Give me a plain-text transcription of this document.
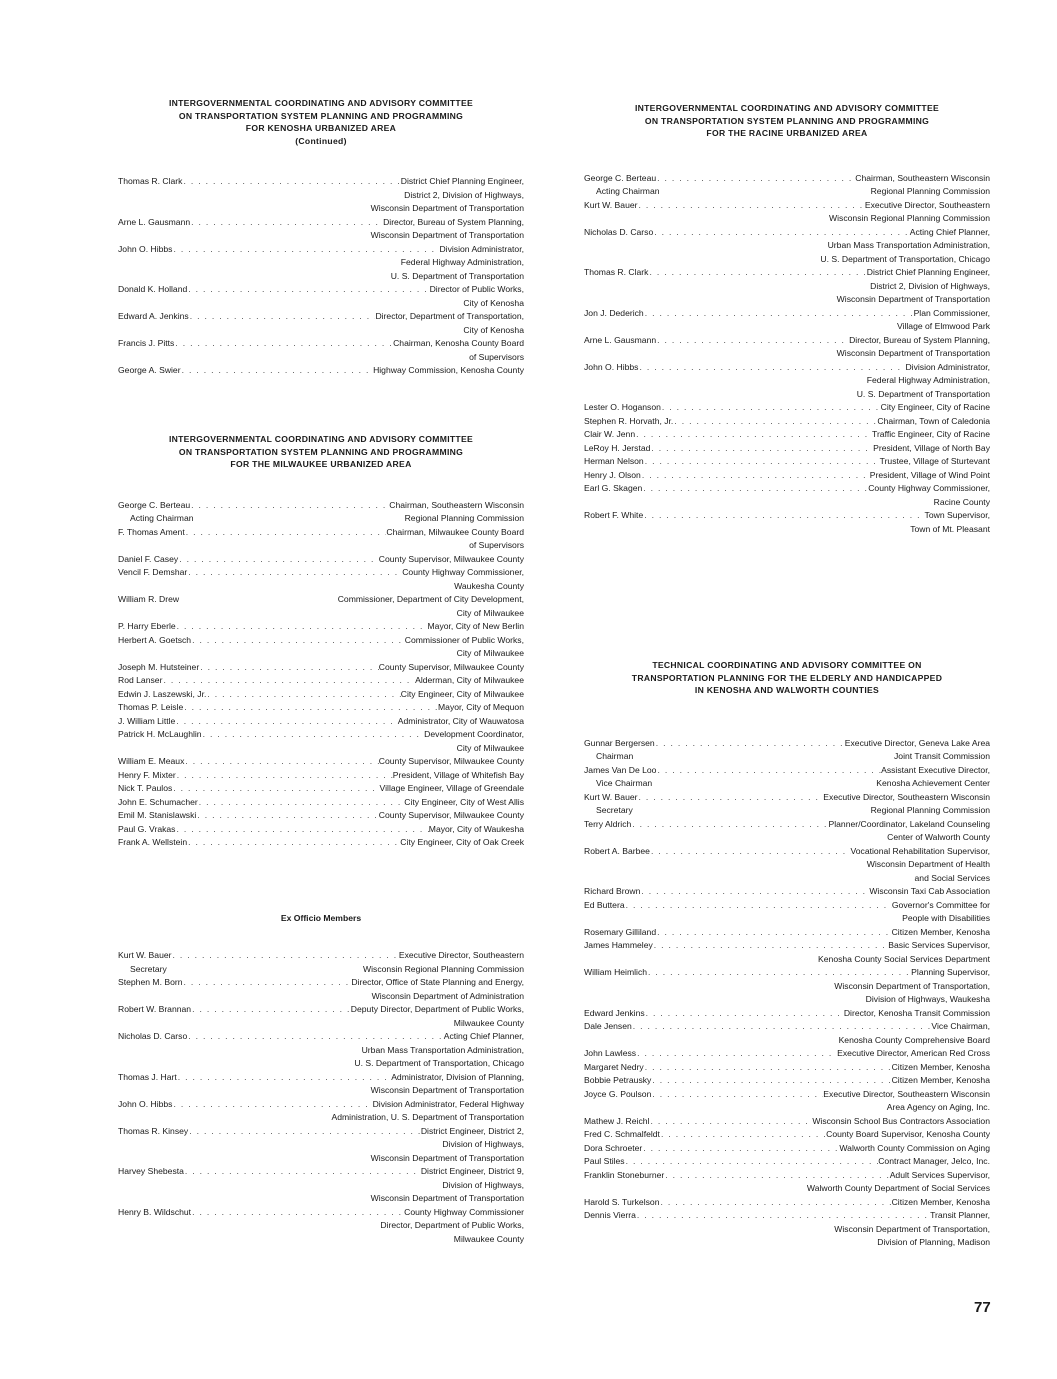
INTERGOVERNMENTAL COORDINATING AND ADVISORY COMMITTEE
ON TRANSPORTATION SYSTEM PLANNING AND PROGRAMMING
FOR KENOSHA URBANIZED AREA
(Continued)
Thomas R. Clark . . .	District Chief Planning Engineer,
District 2, Division of Highways,
Wisconsin Department of Transportation
Arne L. Gausmann . . .	Director, Bureau of System Planning,
Wisconsin Department of Transportation
John O. Hibbs . . .	Division Administrator,
Federal Highway Administration,
U. S. Department of Transportation
Donald K. Holland . . .	Director of Public Works,
City of Kenosha
Edward A. Jenkins . . .	Director, Department of Transportation,
City of Kenosha
Francis J. Pitts . . .	Chairman, Kenosha County Board
of Supervisors
George A. Swier . . .	Highway Commission, Kenosha County
INTERGOVERNMENTAL COORDINATING AND ADVISORY COMMITTEE
ON TRANSPORTATION SYSTEM PLANNING AND PROGRAMMING
FOR THE MILWAUKEE URBANIZED AREA
George C. Berteau . . .	Chairman, Southeastern Wisconsin
Acting Chairman	Regional Planning Commission
F. Thomas Ament . . .	Chairman, Milwaukee County Board
of Supervisors
Daniel F. Casey . . .	County Supervisor, Milwaukee County
Vencil F. Demshar . . .	County Highway Commissioner,
Waukesha County
William R. Drew	Commissioner, Department of City Development,
City of Milwaukee
P. Harry Eberle . . .	Mayor, City of New Berlin
Herbert A. Goetsch . . .	Commissioner of Public Works,
City of Milwaukee
Joseph M. Hutsteiner . . .	County Supervisor, Milwaukee County
Rod Lanser . . .	Alderman, City of Milwaukee
Edwin J. Laszewski, Jr. . . .	City Engineer, City of Milwaukee
Thomas P. Leisle . . .	Mayor, City of Mequon
J. William Little . . .	Administrator, City of Wauwatosa
Patrick H. McLaughlin . . .	Development Coordinator,
City of Milwaukee
William E. Meaux . . .	County Supervisor, Milwaukee County
Henry F. Mixter . . .	President, Village of Whitefish Bay
Nick T. Paulos . . .	Village Engineer, Village of Greendale
John E. Schumacher . . .	City Engineer, City of West Allis
Emil M. Stanislawski . . .	County Supervisor, Milwaukee County
Paul G. Vrakas . . .	Mayor, City of Waukesha
Frank A. Wellstein . . .	City Engineer, City of Oak Creek
Ex Officio Members
Kurt W. Bauer . . .	Executive Director, Southeastern
Secretary	Wisconsin Regional Planning Commission
Stephen M. Born . . .	Director, Office of State Planning and Energy,
Wisconsin Department of Administration
Robert W. Brannan . . .	Deputy Director, Department of Public Works,
Milwaukee County
Nicholas D. Carso . . .	Acting Chief Planner,
Urban Mass Transportation Administration,
U. S. Department of Transportation, Chicago
Thomas J. Hart . . .	Administrator, Division of Planning,
Wisconsin Department of Transportation
John O. Hibbs . . .	Division Administrator, Federal Highway
Administration, U. S. Department of Transportation
Thomas R. Kinsey . . .	District Engineer, District 2,
Division of Highways,
Wisconsin Department of Transportation
Harvey Shebesta . . .	District Engineer, District 9,
Division of Highways,
Wisconsin Department of Transportation
Henry B. Wildschut . . .	County Highway Commissioner
Director, Department of Public Works,
Milwaukee County
INTERGOVERNMENTAL COORDINATING AND ADVISORY COMMITTEE
ON TRANSPORTATION SYSTEM PLANNING AND PROGRAMMING
FOR THE RACINE URBANIZED AREA
George C. Berteau . . .	Chairman, Southeastern Wisconsin
Acting Chairman	Regional Planning Commission
Kurt W. Bauer . . .	Executive Director, Southeastern
Wisconsin Regional Planning Commission
Nicholas D. Carso . . .	Acting Chief Planner,
Urban Mass Transportation Administration,
U. S. Department of Transportation, Chicago
Thomas R. Clark . . .	District Chief Planning Engineer,
District 2, Division of Highways,
Wisconsin Department of Transportation
Jon J. Dederich . . .	Plan Commissioner,
Village of Elmwood Park
Arne L. Gausmann . . .	Director, Bureau of System Planning,
Wisconsin Department of Transportation
John O. Hibbs . . .	Division Administrator,
Federal Highway Administration,
U. S. Department of Transportation
Lester O. Hoganson . . .	City Engineer, City of Racine
Stephen R. Horvath, Jr. . . .	Chairman, Town of Caledonia
Clair W. Jenn . . .	Traffic Engineer, City of Racine
LeRoy H. Jerstad . . .	President, Village of North Bay
Herman Nelson . . .	Trustee, Village of Sturtevant
Henry J. Olson . . .	President, Village of Wind Point
Earl G. Skagen . . .	County Highway Commissioner,
Racine County
Robert F. White . . .	Town Supervisor,
Town of Mt. Pleasant
TECHNICAL COORDINATING AND ADVISORY COMMITTEE ON
TRANSPORTATION PLANNING FOR THE ELDERLY AND HANDICAPPED
IN KENOSHA AND WALWORTH COUNTIES
Gunnar Bergersen . . .	Executive Director, Geneva Lake Area
Chairman	Joint Transit Commission
James Van De Loo . . .	Assistant Executive Director,
Vice Chairman	Kenosha Achievement Center
Kurt W. Bauer . . .	Executive Director, Southeastern Wisconsin
Secretary	Regional Planning Commission
Terry Aldrich . . .	Planner/Coordinator, Lakeland Counseling
Center of Walworth County
Robert A. Barbee . . .	Vocational Rehabilitation Supervisor,
Wisconsin Department of Health
and Social Services
Richard Brown . . .	Wisconsin Taxi Cab Association
Ed Buttera . . .	Governor's Committee for
People with Disabilities
Rosemary Gilliland . . .	Citizen Member, Kenosha
James Hammeley . . .	Basic Services Supervisor,
Kenosha County Social Services Department
William Heimlich . . .	Planning Supervisor,
Wisconsin Department of Transportation,
Division of Highways, Waukesha
Edward Jenkins . . .	Director, Kenosha Transit Commission
Dale Jensen . . .	Vice Chairman,
Kenosha County Comprehensive Board
John Lawless . . .	Executive Director, American Red Cross
Margaret Nedry . . .	Citizen Member, Kenosha
Bobbie Petrausky . . .	Citizen Member, Kenosha
Joyce G. Poulson . . .	Executive Director, Southeastern Wisconsin
Area Agency on Aging, Inc.
Mathew J. Reichl . . .	Wisconsin School Bus Contractors Association
Fred C. Schmalfeldt . . .	County Board Supervisor, Kenosha County
Dora Schroeter . . .	Walworth County Commission on Aging
Paul Stiles . . .	Contract Manager, Jelco, Inc.
Franklin Stoneburner . . .	Adult Services Supervisor,
Walworth County Department of Social Services
Harold S. Turkelson . . .	Citizen Member, Kenosha
Dennis Vierra . . .	Transit Planner,
Wisconsin Department of Transportation,
Division of Planning, Madison
77
